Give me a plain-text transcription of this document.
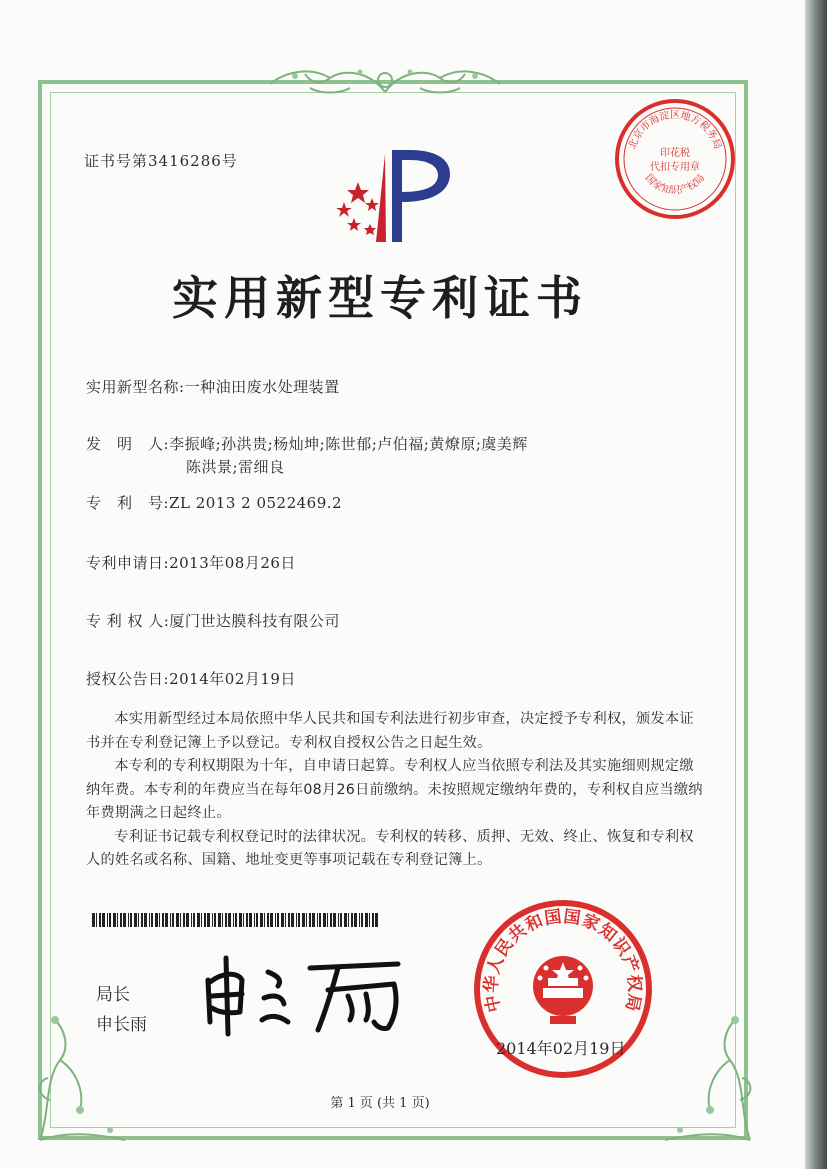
证书号第3416286号
北京市海淀区地方税务局
印花税
代扣专用章
国家知识产权局
实用新型专利证书
实用新型名称:一种油田废水处理装置
发　明　人:李振峰;孙洪贵;杨灿坤;陈世郁;卢伯福;黄燎原;虞美辉
陈洪景;雷细良
专　利　号:ZL 2013 2 0522469.2
专利申请日:2013年08月26日
专 利 权 人:厦门世达膜科技有限公司
授权公告日:2014年02月19日

本实用新型经过本局依照中华人民共和国专利法进行初步审查，决定授予专利权，颁发本证书并在专利登记簿上予以登记。专利权自授权公告之日起生效。

本专利的专利权期限为十年，自申请日起算。专利权人应当依照专利法及其实施细则规定缴纳年费。本专利的年费应当在每年08月26日前缴纳。未按照规定缴纳年费的，专利权自应当缴纳年费期满之日起终止。

专利证书记载专利权登记时的法律状况。专利权的转移、质押、无效、终止、恢复和专利权人的姓名或名称、国籍、地址变更等事项记载在专利登记簿上。

局长
申长雨
中华人民共和国国家知识产权局
2014年02月19日
第 1 页 (共 1 页)
